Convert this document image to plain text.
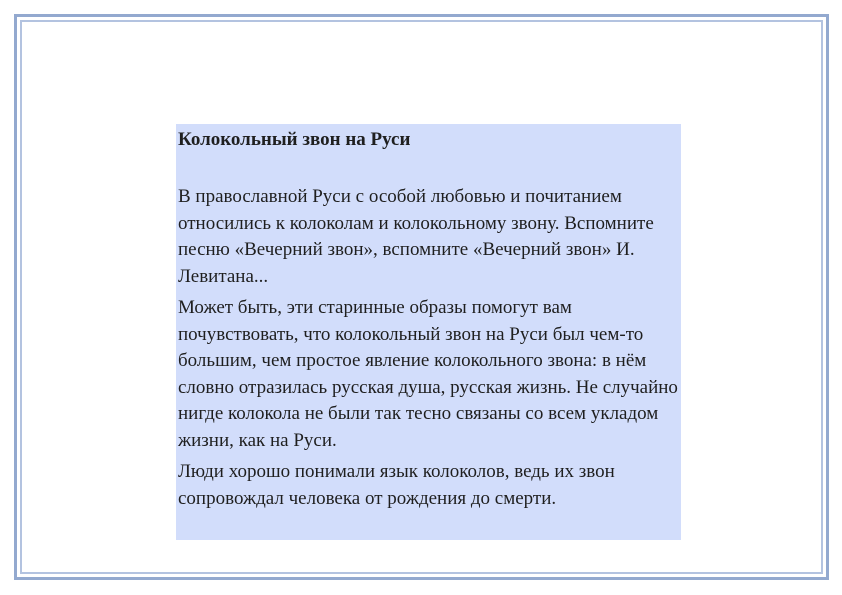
Колокольный звон на Руси

В православной Руси с особой любовью и почитанием относились к колоколам и колокольному звону. Вспомните песню «Вечерний звон», вспомните «Вечерний звон» И. Левитана...

Может быть, эти старинные образы помогут вам почувствовать, что колокольный звон на Руси был чем-то большим, чем простое явление колокольного звона: в нём словно отразилась русская душа, русская жизнь. Не случайно нигде колокола не были так тесно связаны со всем укладом жизни, как на Руси.

Люди хорошо понимали язык колоколов, ведь их звон сопровождал человека от рождения до смерти.
